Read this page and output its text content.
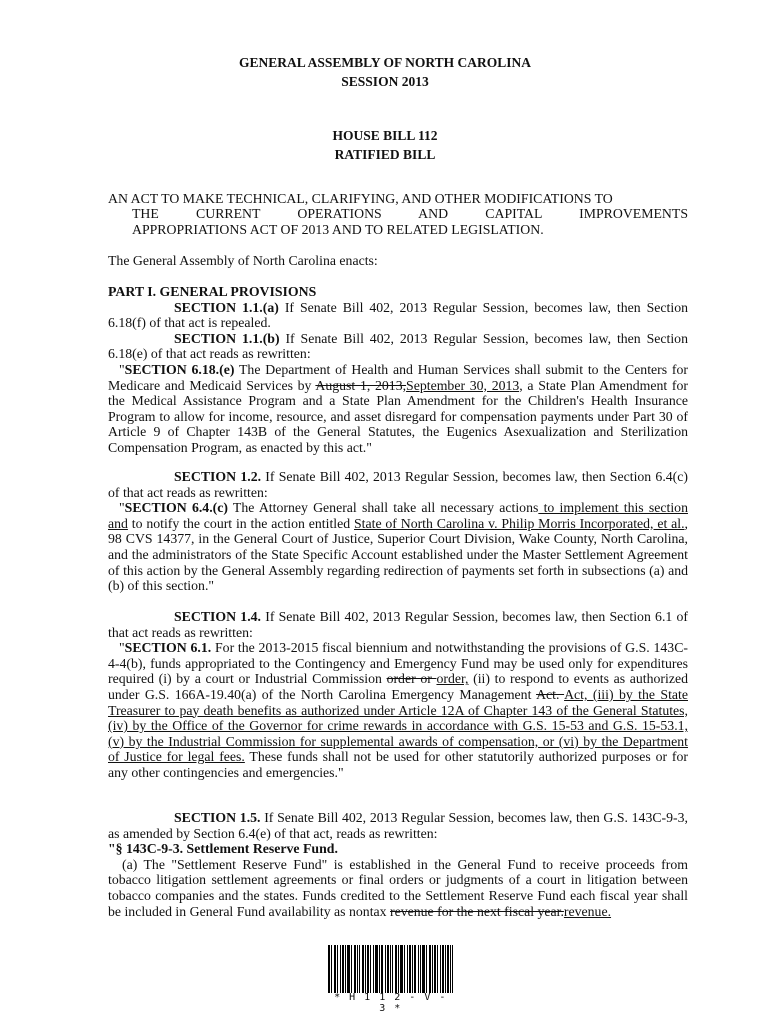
GENERAL ASSEMBLY OF NORTH CAROLINA
SESSION 2013
HOUSE BILL 112
RATIFIED BILL
AN ACT TO MAKE TECHNICAL, CLARIFYING, AND OTHER MODIFICATIONS TO
THE CURRENT OPERATIONS AND CAPITAL IMPROVEMENTS
APPROPRIATIONS ACT OF 2013 AND TO RELATED LEGISLATION.
The General Assembly of North Carolina enacts:

PART I. GENERAL PROVISIONS

SECTION 1.1.(a) If Senate Bill 402, 2013 Regular Session, becomes law, then Section 6.18(f) of that act is repealed.

SECTION 1.1.(b) If Senate Bill 402, 2013 Regular Session, becomes law, then Section 6.18(e) of that act reads as rewritten:

"SECTION 6.18.(e) The Department of Health and Human Services shall submit to the Centers for Medicare and Medicaid Services by August 1, 2013,September 30, 2013, a State Plan Amendment for the Medical Assistance Program and a State Plan Amendment for the Children's Health Insurance Program to allow for income, resource, and asset disregard for compensation payments under Part 30 of Article 9 of Chapter 143B of the General Statutes, the Eugenics Asexualization and Sterilization Compensation Program, as enacted by this act."

SECTION 1.2. If Senate Bill 402, 2013 Regular Session, becomes law, then Section 6.4(c) of that act reads as rewritten:

"SECTION 6.4.(c) The Attorney General shall take all necessary actions to implement this section and to notify the court in the action entitled State of North Carolina v. Philip Morris Incorporated, et al., 98 CVS 14377, in the General Court of Justice, Superior Court Division, Wake County, North Carolina, and the administrators of the State Specific Account established under the Master Settlement Agreement of this action by the General Assembly regarding redirection of payments set forth in subsections (a) and (b) of this section."

SECTION 1.4. If Senate Bill 402, 2013 Regular Session, becomes law, then Section 6.1 of that act reads as rewritten:

"SECTION 6.1. For the 2013-2015 fiscal biennium and notwithstanding the provisions of G.S. 143C-4-4(b), funds appropriated to the Contingency and Emergency Fund may be used only for expenditures required (i) by a court or Industrial Commission order or order, (ii) to respond to events as authorized under G.S. 166A-19.40(a) of the North Carolina Emergency Management Act. Act, (iii) by the State Treasurer to pay death benefits as authorized under Article 12A of Chapter 143 of the General Statutes, (iv) by the Office of the Governor for crime rewards in accordance with G.S. 15-53 and G.S. 15-53.1, (v) by the Industrial Commission for supplemental awards of compensation, or (vi) by the Department of Justice for legal fees. These funds shall not be used for other statutorily authorized purposes or for any other contingencies and emergencies."

SECTION 1.5. If Senate Bill 402, 2013 Regular Session, becomes law, then G.S. 143C-9-3, as amended by Section 6.4(e) of that act, reads as rewritten:

"§ 143C-9-3. Settlement Reserve Fund.

(a) The "Settlement Reserve Fund" is established in the General Fund to receive proceeds from tobacco litigation settlement agreements or final orders or judgments of a court in litigation between tobacco companies and the states. Funds credited to the Settlement Reserve Fund each fiscal year shall be included in General Fund availability as nontax revenue for the next fiscal year.revenue.

* H 1 1 2 - V - 3 *
